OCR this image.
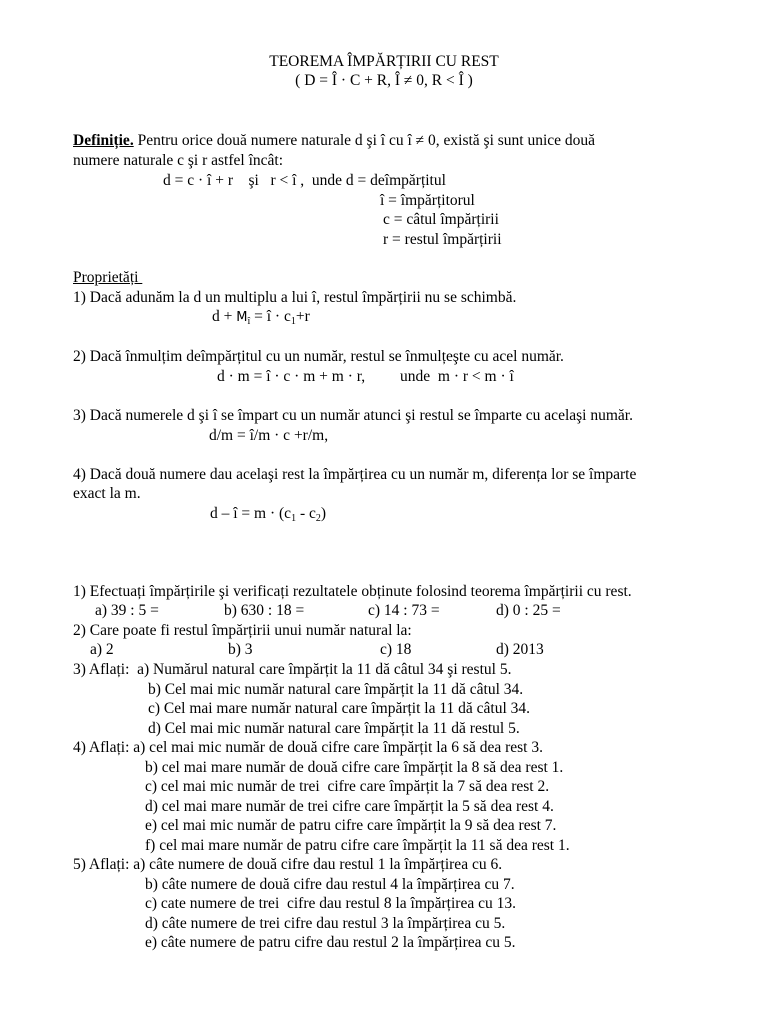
TEOREMA ÎMPĂRȚIRII CU REST
( D = Î · C + R, Î ≠ 0, R < Î )
Definiție. Pentru orice două numere naturale d şi î cu î ≠ 0, există şi sunt unice două
numere naturale c şi r astfel încât:
d = c · î + r    şi   r < î ,  unde d = deîmpărțitul
î = împărțitorul
c = câtul împărțirii
r = restul împărțirii
Proprietăți
1) Dacă adunăm la d un multiplu a lui î, restul împărțirii nu se schimbă.
$d + M_î$ = î · $c_1+r$
2) Dacă înmulțim deîmpărțitul cu un număr, restul se înmulțeşte cu acel număr.
d · m = î · c · m + m · r,         unde  m · r < m · î
3) Dacă numerele d şi î se împart cu un număr atunci şi restul se împarte cu acelaşi număr.
d/m = î/m · c +r/m,
4) Dacă două numere dau acelaşi rest la împărțirea cu un număr m, diferența lor se împarte
exact la m.
d – î = $m \cdot (c_1 - c_2)$
1) Efectuați împărțirile şi verificați rezultatele obținute folosind teorema împărțirii cu rest.
a) 39 : 5 =	b) 630 : 18 =	c) 14 : 73 =	d) 0 : 25 =
2) Care poate fi restul împărțirii unui număr natural la:
a) 2	b) 3	c) 18	d) 2013
3) Aflați:  a) Numărul natural care împărțit la 11 dă câtul 34 şi restul 5.
b) Cel mai mic număr natural care împărțit la 11 dă câtul 34.
c) Cel mai mare număr natural care împărțit la 11 dă câtul 34.
d) Cel mai mic număr natural care împărțit la 11 dă restul 5.
4) Aflați: a) cel mai mic număr de două cifre care împărțit la 6 să dea rest 3.
b) cel mai mare număr de două cifre care împărțit la 8 să dea rest 1.
c) cel mai mic număr de trei  cifre care împărțit la 7 să dea rest 2.
d) cel mai mare număr de trei cifre care împărțit la 5 să dea rest 4.
e) cel mai mic număr de patru cifre care împărțit la 9 să dea rest 7.
f) cel mai mare număr de patru cifre care împărțit la 11 să dea rest 1.
5) Aflați: a) câte numere de două cifre dau restul 1 la împărțirea cu 6.
b) câte numere de două cifre dau restul 4 la împărțirea cu 7.
c) cate numere de trei  cifre dau restul 8 la împărțirea cu 13.
d) câte numere de trei cifre dau restul 3 la împărțirea cu 5.
e) câte numere de patru cifre dau restul 2 la împărțirea cu 5.
